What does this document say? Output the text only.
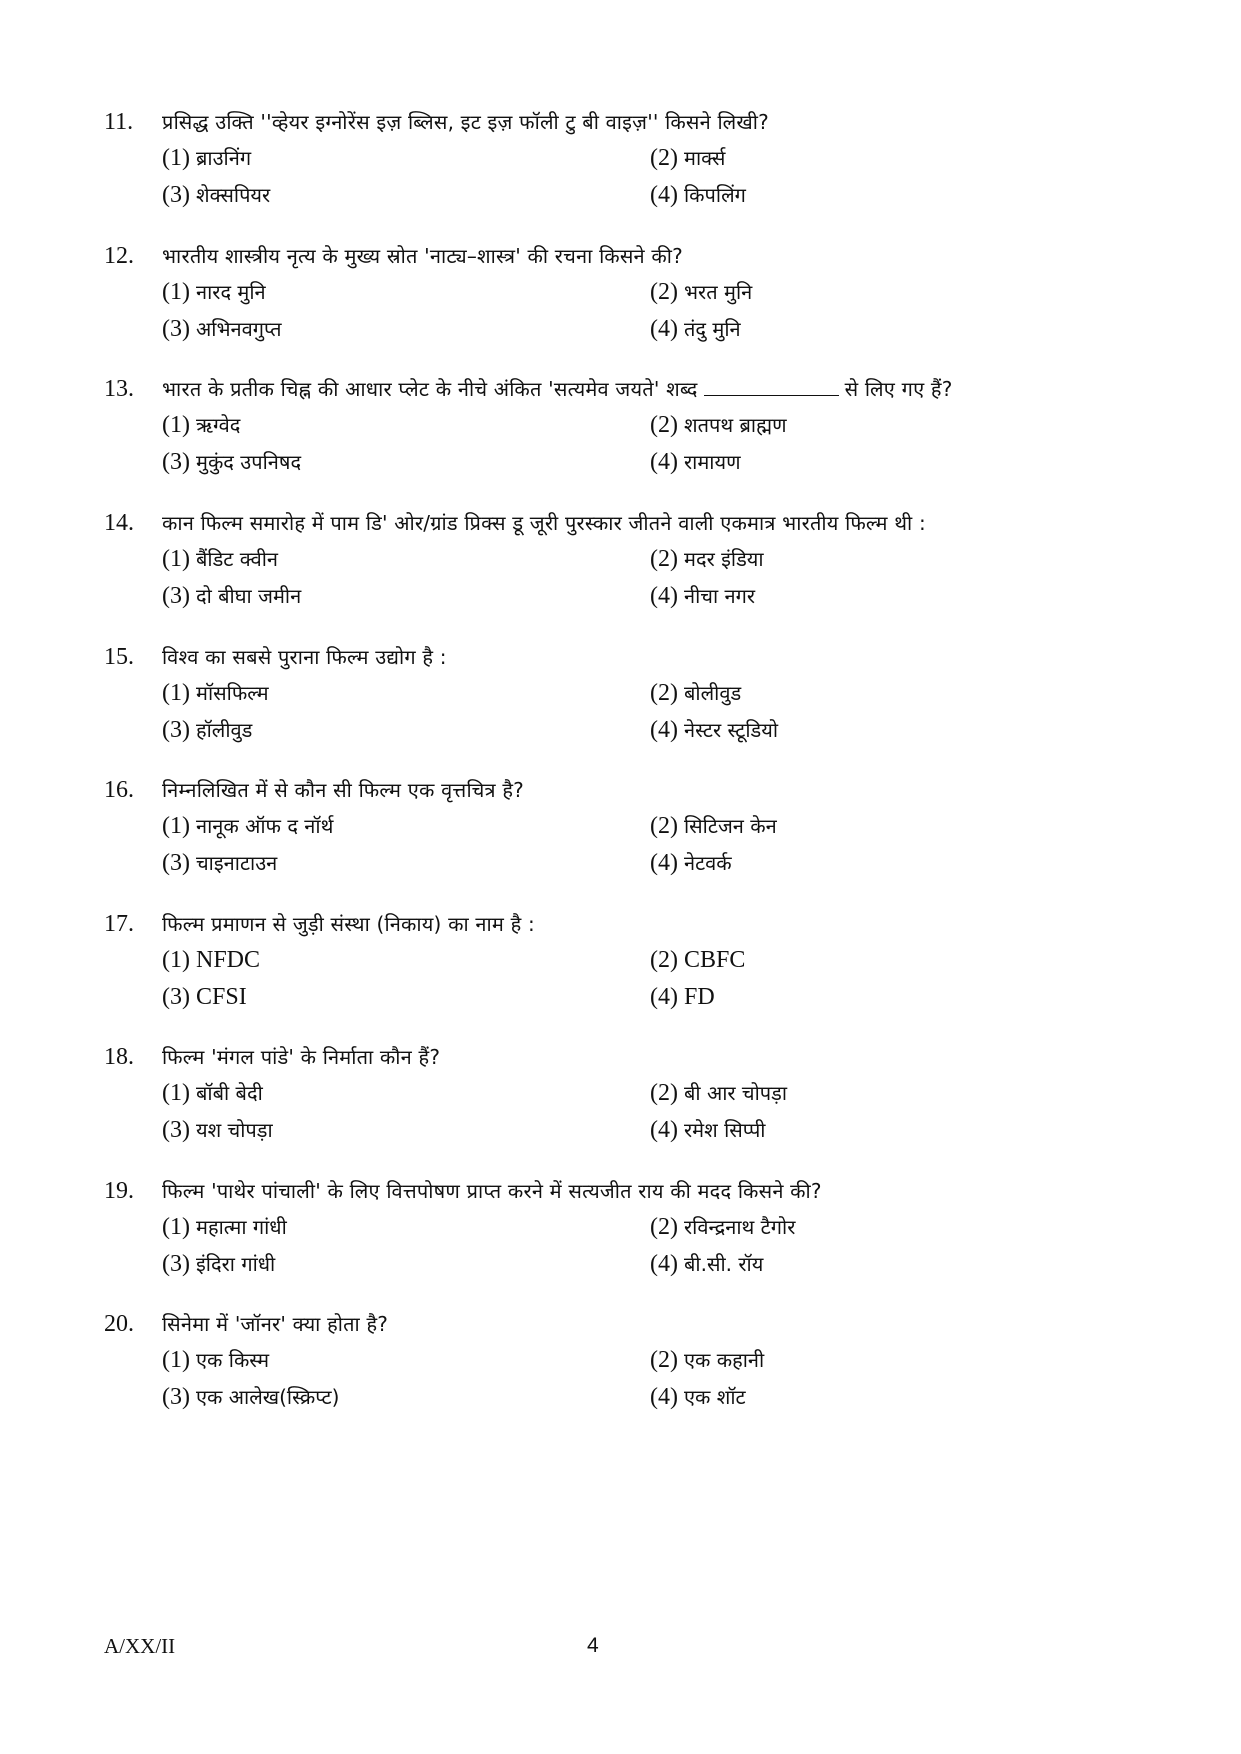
11. प्रसिद्ध उक्ति ''व्हेयर इग्नोरेंस इज़ ब्लिस, इट इज़ फॉली टु बी वाइज़'' किसने लिखी?
(1) ब्राउनिंग	(2) मार्क्स
(3) शेक्सपियर	(4) किपलिंग
12. भारतीय शास्त्रीय नृत्य के मुख्य स्रोत 'नाट्य–शास्त्र' की रचना किसने की?
(1) नारद मुनि	(2) भरत मुनि
(3) अभिनवगुप्त	(4) तंदु मुनि
13. भारत के प्रतीक चिह्न की आधार प्लेट के नीचे अंकित 'सत्यमेव जयते' शब्द	से लिए गए हैं?
(1) ऋग्वेद	(2) शतपथ ब्राह्मण
(3) मुकुंद उपनिषद	(4) रामायण
14. कान फिल्म समारोह में पाम डि' ओर/ग्रांड प्रिक्स डू जूरी पुरस्कार जीतने वाली एकमात्र भारतीय फिल्म थी :
(1) बैंडिट क्वीन	(2) मदर इंडिया
(3) दो बीघा जमीन	(4) नीचा नगर
15. विश्व का सबसे पुराना फिल्म उद्योग है :
(1) मॉसफिल्म	(2) बोलीवुड
(3) हॉलीवुड	(4) नेस्टर स्टूडियो
16. निम्नलिखित में से कौन सी फिल्म एक वृत्तचित्र है?
(1) नानूक ऑफ द नॉर्थ	(2) सिटिजन केन
(3) चाइनाटाउन	(4) नेटवर्क
17. फिल्म प्रमाणन से जुड़ी संस्था (निकाय) का नाम है :
(1) NFDC	(2) CBFC
(3) CFSI	(4) FD
18. फिल्म 'मंगल पांडे' के निर्माता कौन हैं?
(1) बॉबी बेदी	(2) बी आर चोपड़ा
(3) यश चोपड़ा	(4) रमेश सिप्पी
19. फिल्म 'पाथेर पांचाली' के लिए वित्तपोषण प्राप्त करने में सत्यजीत राय की मदद किसने की?
(1) महात्मा गांधी	(2) रविन्द्रनाथ टैगोर
(3) इंदिरा गांधी	(4) बी.सी. रॉय
20. सिनेमा में 'जॉनर' क्या होता है?
(1) एक किस्म	(2) एक कहानी
(3) एक आलेख(स्क्रिप्ट)	(4) एक शॉट
A/XX/II	4
